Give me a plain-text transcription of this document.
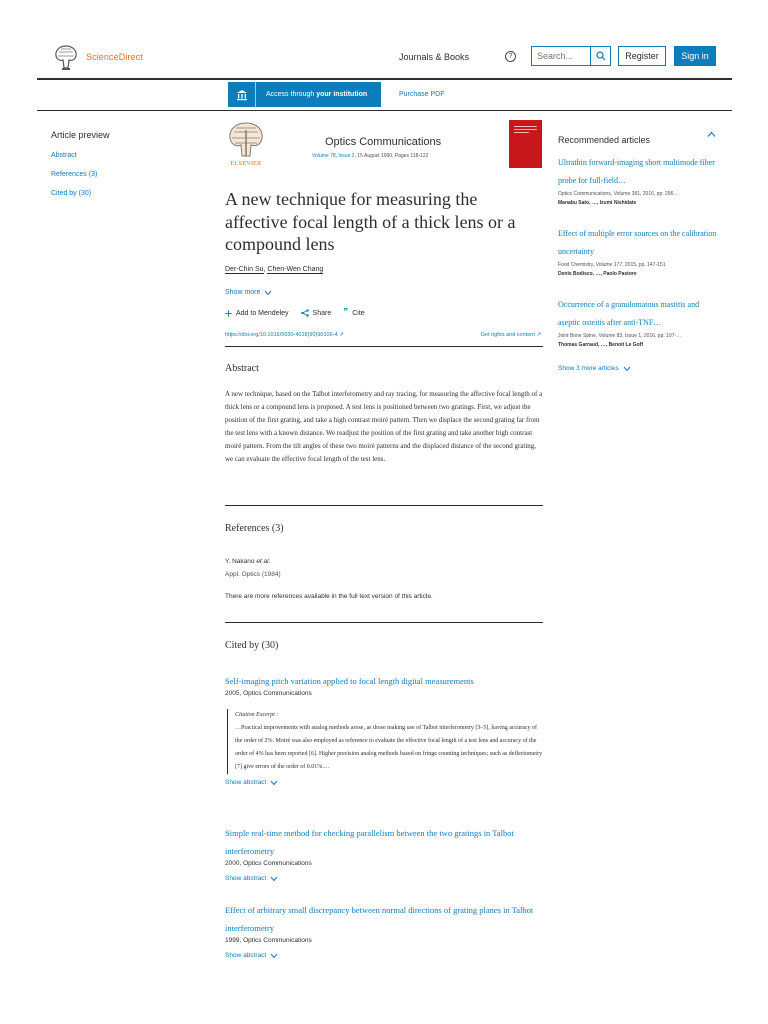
ScienceDirect	Journals & Books	?
Search...	Register	Sign in
Access through your institution	Purchase PDF
Article preview
Abstract
References (3)
Cited by (30)
ELSEVIER
Optics Communications
Volume 78, Issue 2, 15 August 1990, Pages 118-122
A new technique for measuring the affective focal length of a thick lens or a compound lens
Der-Chin Su, Chen-Wen Chang
Show more
Add to Mendeley	Share ” Cite
https://doi.org/10.1016/0030-4018(90)90106-4 ↗	Get rights and content ↗
Abstract

A new technique, based on the Talbot interferometry and ray tracing, for measuring the affective focal length of a thick lens or a compound lens is proposed. A test lens is positioned between two gratings. First, we adjust the position of the first grating, and take a high contrast moiré pattern. Then we displace the second grating far from the test lens with a known distance. We readjust the position of the first grating and take another high contrast moiré pattern. From the tilt angles of these two moiré patterns and the displaced distance of the second grating, we can evaluate the effective focal length of the test lens.

References (3)
Y. Nakano et al.
Appl. Optics (1984)
There are more references available in the full text version of this article.
Cited by (30)
Self-imaging pitch variation applied to focal length digital measurements
2005, Optics Communications
Citation Excerpt :
…Practical improvements with analog methods arose, as those making use of Talbot interferometry [3–5], having accuracy of the order of 2%. Moiré was also employed as reference to evaluate the effective focal length of a test lens and accuracy of the order of 4% has been reported [6]. Higher precision analog methods based on fringe counting techniques; such as deflectometry [7] give errors of the order of 0.01%.…
Show abstract
Simple real-time method for checking parallelism between the two gratings in Talbot interferometry
2000, Optics Communications
Show abstract
Effect of arbitrary small discrepancy between normal directions of grating planes in Talbot interferometry
1999, Optics Communications
Show abstract
Recommended articles
Ultrathin forward-imaging short multimode fiber probe for full-field…
Optics Communications, Volume 381, 2016, pp. 296…
Manabu Sato, …, Izumi Nishidate
Effect of multiple error sources on the calibration uncertainty
Food Chemistry, Volume 177, 2015, pp. 147-151
Denis Bodisco, …, Paolo Pastore
Occurrence of a granulomatous mastitis and aseptic osteitis after anti-TNF…
Joint Bone Spine, Volume 83, Issue 1, 2016, pp. 107-…
Thomas Garraud, …, Benoit Le Goff
Show 3 more articles
